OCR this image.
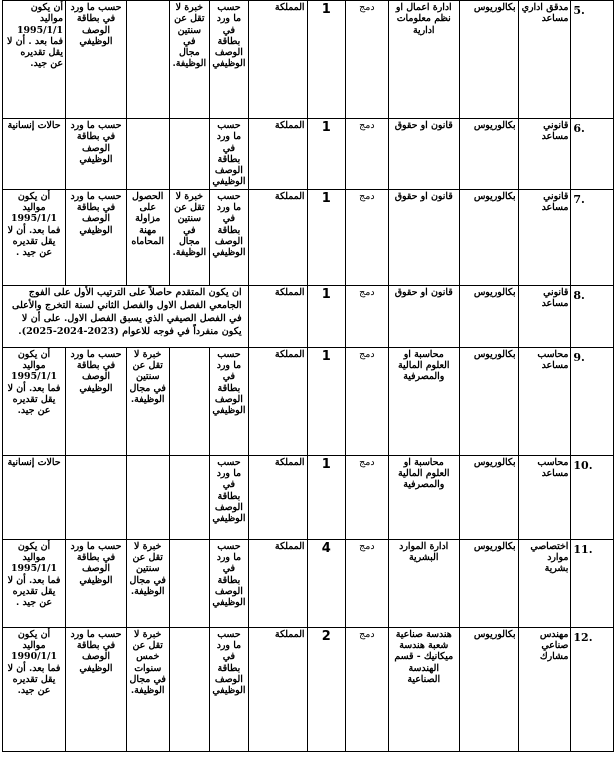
.5	مدقق اداري مساعد	بكالوريوس	ادارة اعمال او نظم معلومات ادارية	دمج	1	المملكة	حسب ما ورد في بطاقة الوصف الوظيفي	خبرة لا تقل عن سنتين في مجال الوظيفة.		حسب ما ورد في بطاقة الوصف الوظيفي	أن يكون مواليد 1995/1/1 فما بعد . أن لا يقل تقديره عن جيد.
.6	قانوني مساعد	بكالوريوس	قانون او حقوق	دمج	1	المملكة	حسب ما ورد في بطاقة الوصف الوظيفي			حسب ما ورد في بطاقة الوصف الوظيفي	حالات إنسانية
.7	قانوني مساعد	بكالوريوس	قانون او حقوق	دمج	1	المملكة	حسب ما ورد في بطاقة الوصف الوظيفي	خبرة لا تقل عن سنتين في مجال الوظيفة.	الحصول على مزاولة مهنة المحاماه	حسب ما ورد في بطاقة الوصف الوظيفي	أن يكون مواليد 1995/1/1 فما بعد. أن لا يقل تقديره عن جيد .
.8	قانوني مساعد	بكالوريوس	قانون او حقوق	دمج	1	المملكة	ان يكون المتقدم حاصلاً على الترتيب الأول على الفوج الجامعي الفصل الاول والفصل الثاني لسنة التخرج والأعلى في الفصل الصيفي الذي يسبق الفصل الاول. على أن لا يكون منفرداً في فوجه للاعوام (2023-2024-2025).				
.9	محاسب مساعد	بكالوريوس	محاسبة او العلوم المالية والمصرفية	دمج	1	المملكة	حسب ما ورد في بطاقة الوصف الوظيفي		خبرة لا تقل عن سنتين في مجال الوظيفة.	حسب ما ورد في بطاقة الوصف الوظيفي	أن يكون مواليد 1995/1/1 فما بعد. أن لا يقل تقديره عن جيد.
.10	محاسب مساعد	بكالوريوس	محاسبة او العلوم المالية والمصرفية	دمج	1	المملكة	حسب ما ورد في بطاقة الوصف الوظيفي				حالات إنسانية
.11	اختصاصي موارد بشرية	بكالوريوس	ادارة الموارد البشرية	دمج	4	المملكة	حسب ما ورد في بطاقة الوصف الوظيفي		خبرة لا تقل عن سنتين في مجال الوظيفة.	حسب ما ورد في بطاقة الوصف الوظيفي	أن يكون مواليد 1995/1/1 فما بعد. أن لا يقل تقديره عن جيد .
.12	مهندس صناعي مشارك	بكالوريوس	هندسة صناعية شعبة هندسة ميكانيك - قسم الهندسة الصناعية	دمج	2	المملكة	حسب ما ورد في بطاقة الوصف الوظيفي		خبرة لا تقل عن خمس سنوات في مجال الوظيفة.	حسب ما ورد في بطاقة الوصف الوظيفي	أن يكون مواليد 1990/1/1 فما بعد. أن لا يقل تقديره عن جيد.
